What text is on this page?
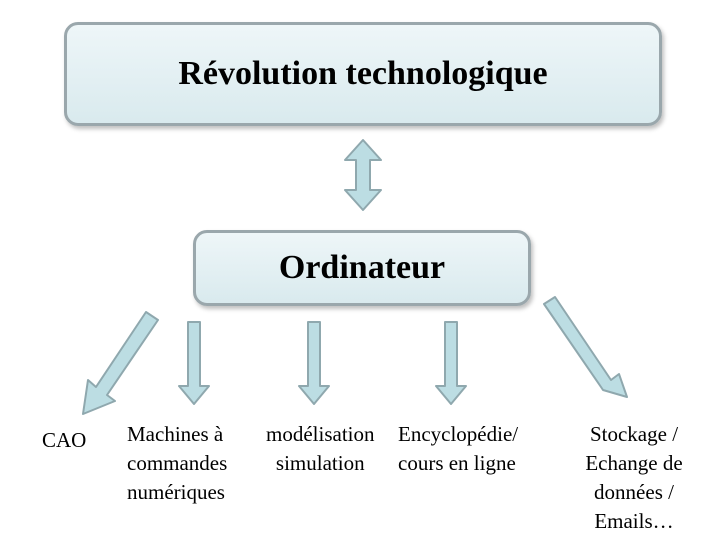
Révolution technologique
Ordinateur
CAO Machines à
commandes
numériques
modélisation
simulation
Encyclopédie/
cours en ligne
Stockage /
Echange de
données /
Emails…
